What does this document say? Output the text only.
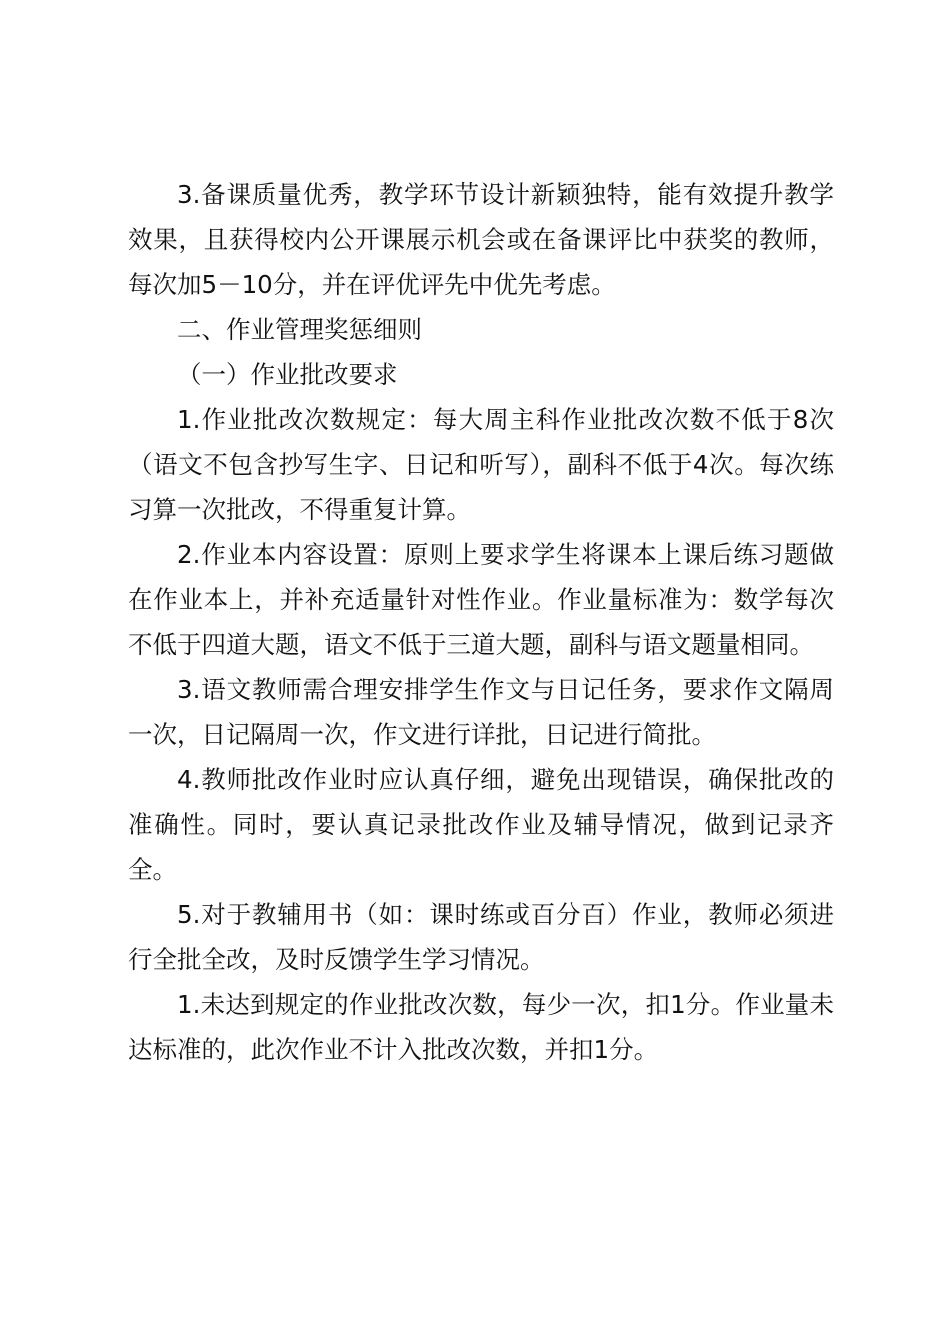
3.备课质量优秀，教学环节设计新颖独特，能有效提升教学效果，且获得校内公开课展示机会或在备课评比中获奖的教师，每次加5－10分，并在评优评先中优先考虑。

二、作业管理奖惩细则

（一）作业批改要求

1.作业批改次数规定：每大周主科作业批改次数不低于8次（语文不包含抄写生字、日记和听写），副科不低于4次。每次练习算一次批改，不得重复计算。

2.作业本内容设置：原则上要求学生将课本上课后练习题做在作业本上，并补充适量针对性作业。作业量标准为：数学每次不低于四道大题，语文不低于三道大题，副科与语文题量相同。

3.语文教师需合理安排学生作文与日记任务，要求作文隔周一次，日记隔周一次，作文进行详批，日记进行简批。

4.教师批改作业时应认真仔细，避免出现错误，确保批改的准确性。同时，要认真记录批改作业及辅导情况，做到记录齐全。

5.对于教辅用书（如：课时练或百分百）作业，教师必须进行全批全改，及时反馈学生学习情况。

1.未达到规定的作业批改次数，每少一次，扣1分。作业量未达标准的，此次作业不计入批改次数，并扣1分。
